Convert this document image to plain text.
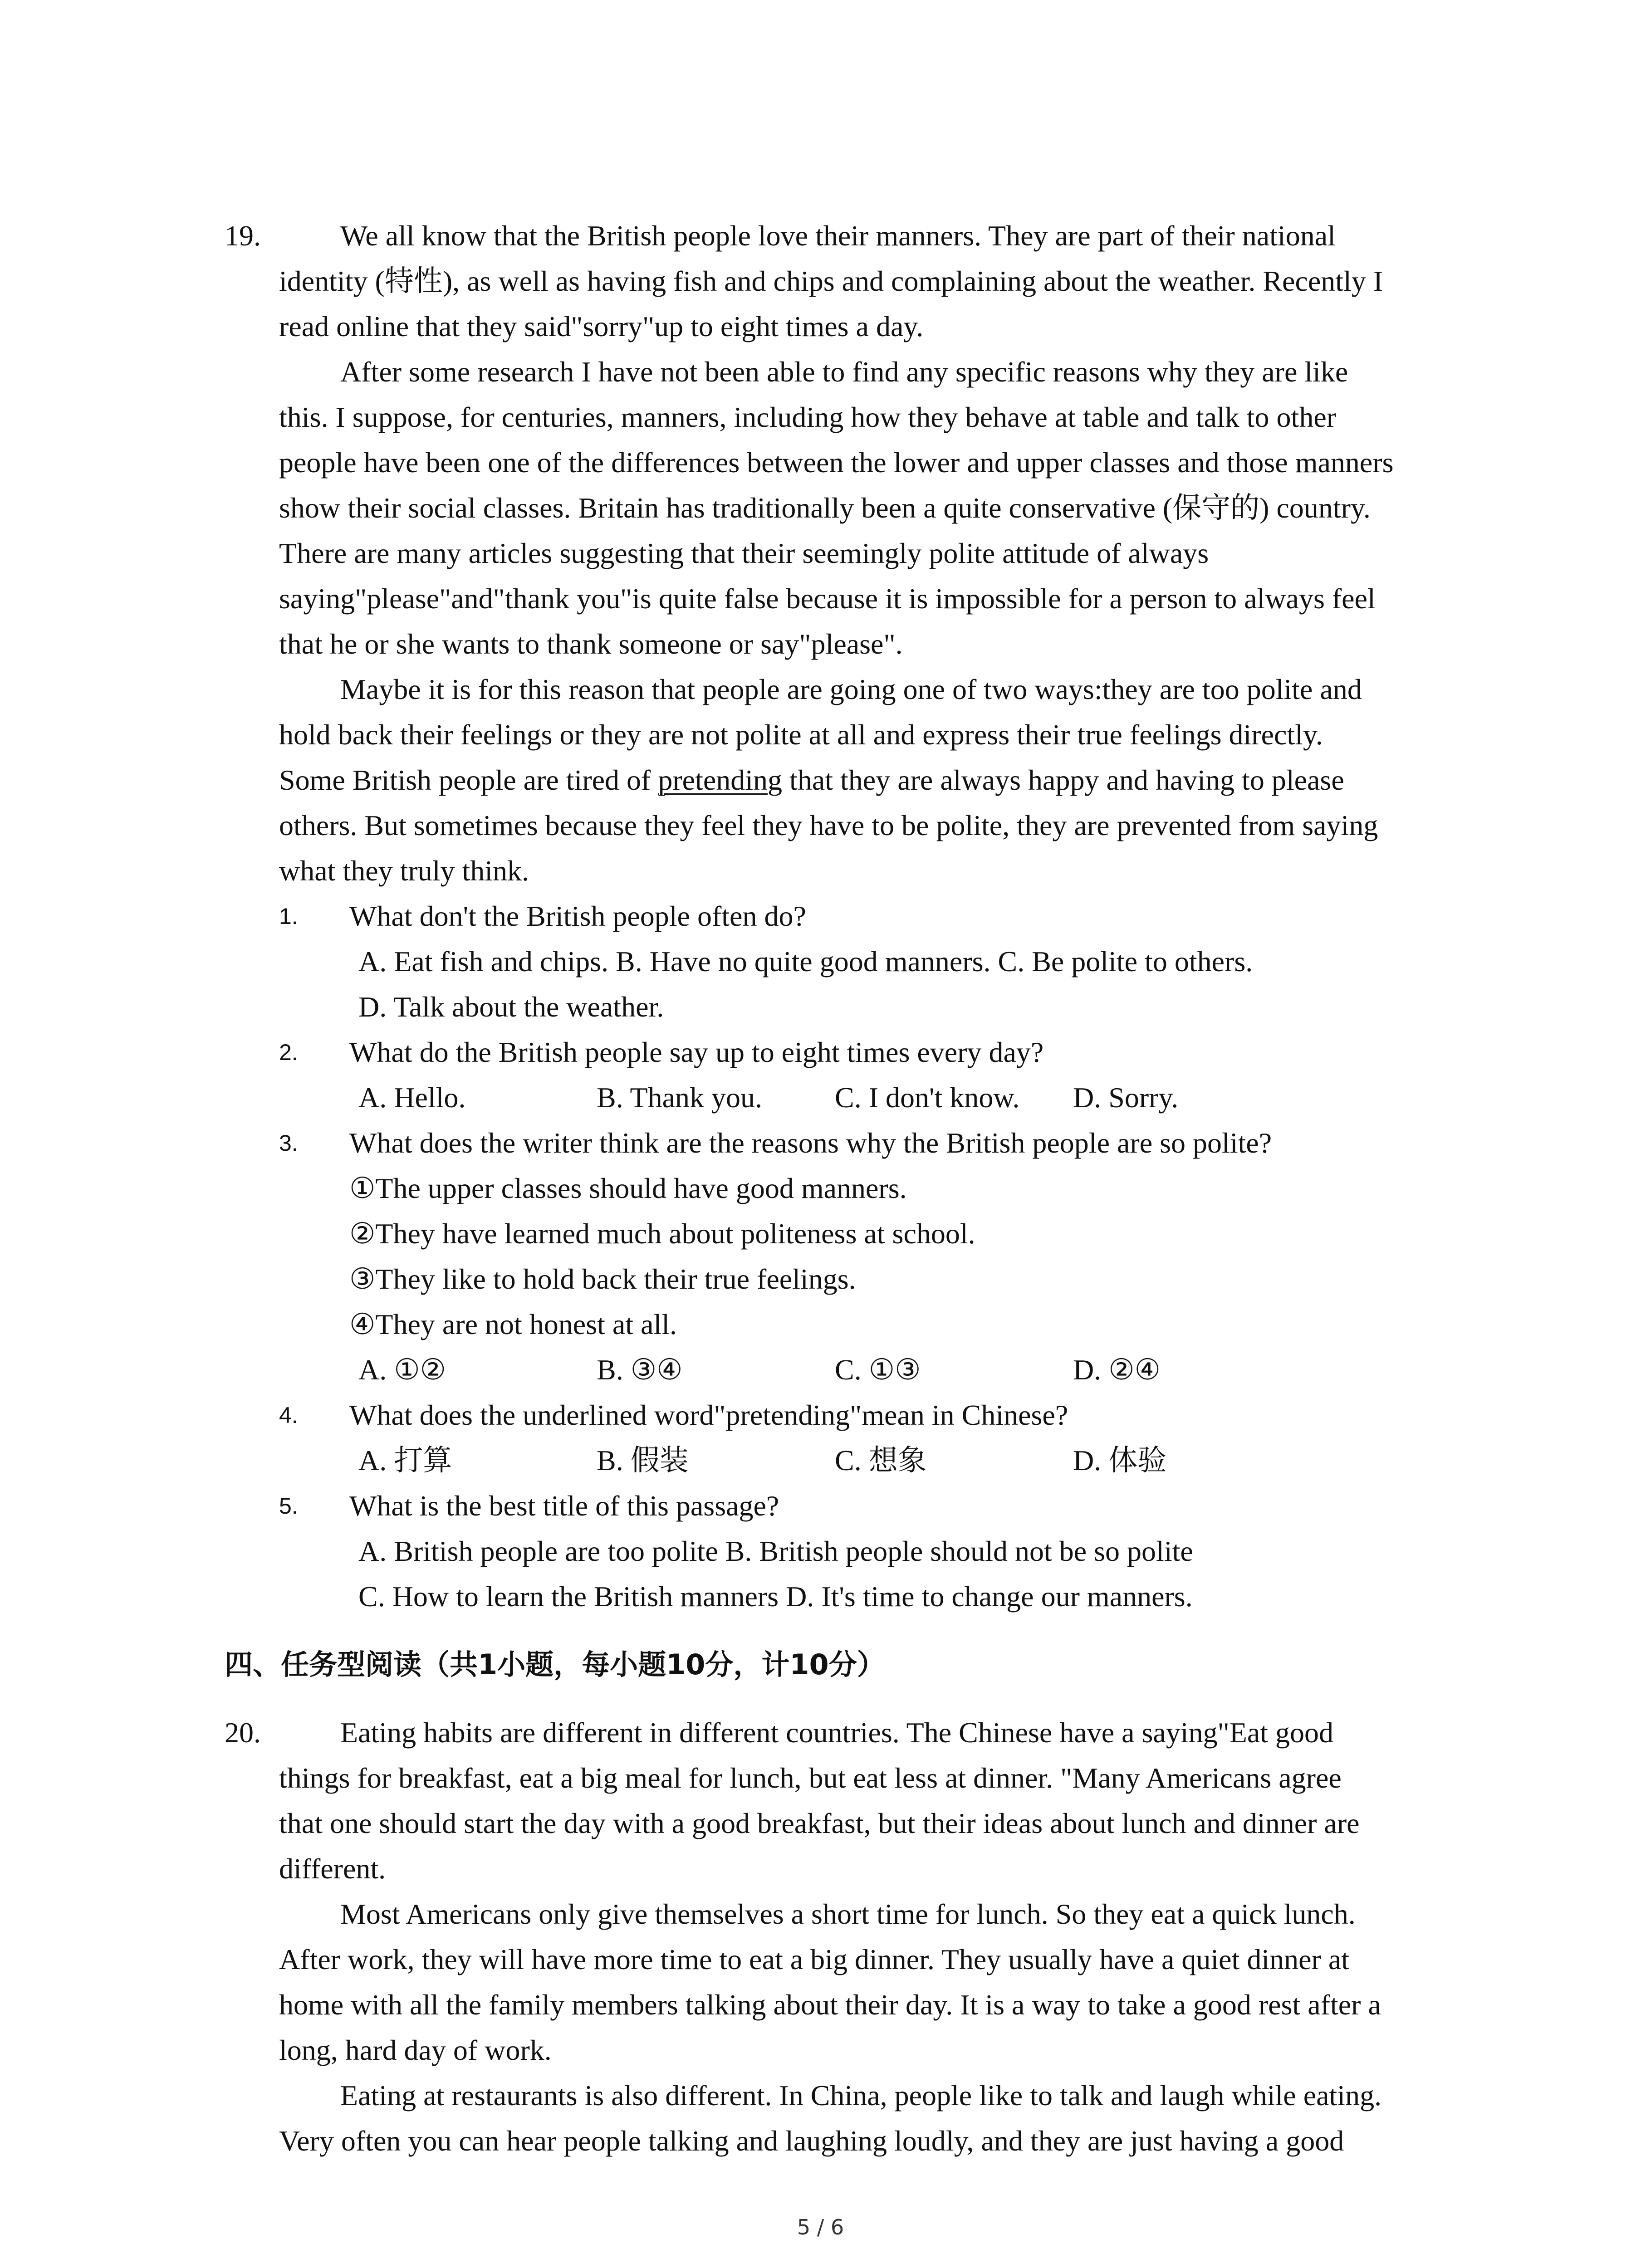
19.	We all know that the British people love their manners. They are part of their national
identity (特性), as well as having fish and chips and complaining about the weather. Recently I
read online that they said"sorry"up to eight times a day.
After some research I have not been able to find any specific reasons why they are like
this. I suppose, for centuries, manners, including how they behave at table and talk to other
people have been one of the differences between the lower and upper classes and those manners
show their social classes. Britain has traditionally been a quite conservative (保守的) country.
There are many articles suggesting that their seemingly polite attitude of always
saying"please"and"thank you"is quite false because it is impossible for a person to always feel
that he or she wants to thank someone or say"please".
Maybe it is for this reason that people are going one of two ways:they are too polite and
hold back their feelings or they are not polite at all and express their true feelings directly.
Some British people are tired of pretending that they are always happy and having to please
others. But sometimes because they feel they have to be polite, they are prevented from saying
what they truly think.
1. What don't the British people often do?
A. Eat fish and chips. B. Have no quite good manners. C. Be polite to others.
D. Talk about the weather.
2. What do the British people say up to eight times every day?
A. Hello.	B. Thank you. C. I don't know. D. Sorry.
3. What does the writer think are the reasons why the British people are so polite?
①The upper classes should have good manners.
②They have learned much about politeness at school.
③They like to hold back their true feelings.
④They are not honest at all.
A. ①②	B. ③④	C. ①③	D. ②④
4. What does the underlined word"pretending"mean in Chinese?
A. 打算	B. 假装	C. 想象	D. 体验
5. What is the best title of this passage?
A. British people are too polite B. British people should not be so polite
C. How to learn the British manners D. It's time to change our manners.
四、任务型阅读（共1小题，每小题10分，计10分）
20.	Eating habits are different in different countries. The Chinese have a saying"Eat good
things for breakfast, eat a big meal for lunch, but eat less at dinner. "Many Americans agree
that one should start the day with a good breakfast, but their ideas about lunch and dinner are
different.
Most Americans only give themselves a short time for lunch. So they eat a quick lunch.
After work, they will have more time to eat a big dinner. They usually have a quiet dinner at
home with all the family members talking about their day. It is a way to take a good rest after a
long, hard day of work.
Eating at restaurants is also different. In China, people like to talk and laugh while eating.
Very often you can hear people talking and laughing loudly, and they are just having a good
5 / 6
